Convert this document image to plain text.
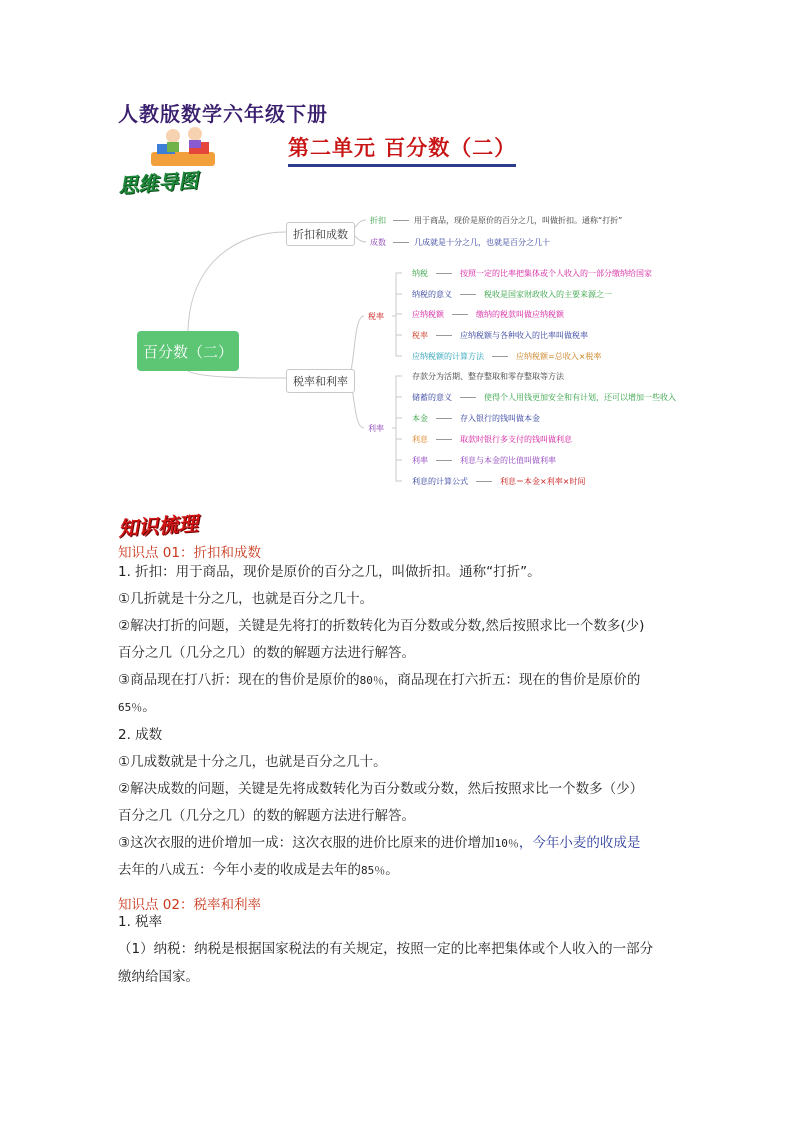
人教版数学六年级下册
第二单元 百分数（二）
思维导图
百分数（二）
折扣和成数
税率和利率
税率
利率
折扣	用于商品，现价是原价的百分之几，叫做折扣。通称“打折”
成数	几成就是十分之几，也就是百分之几十
纳税	按照一定的比率把集体或个人收入的一部分缴纳给国家
纳税的意义	税收是国家财政收入的主要来源之一
应纳税额	缴纳的税款叫做应纳税额
税率	应纳税额与各种收入的比率叫做税率
应纳税额的计算方法	应纳税额=总收入×税率
存款分为活期、整存整取和零存整取等方法
储蓄的意义	使得个人用钱更加安全和有计划，还可以增加一些收入
本金	存入银行的钱叫做本金
利息	取款时银行多支付的钱叫做利息
利率	利息与本金的比值叫做利率
利息的计算公式	利息＝本金×利率×时间
知识梳理
知识点 01：折扣和成数
1. 折扣：用于商品，现价是原价的百分之几，叫做折扣。通称“打折”。
①几折就是十分之几，也就是百分之几十。
②解决打折的问题，关键是先将打的折数转化为百分数或分数,然后按照求比一个数多(少)
百分之几（几分之几）的数的解题方法进行解答。
③商品现在打八折：现在的售价是原价的80％，商品现在打六折五：现在的售价是原价的
65％。
2. 成数
①几成数就是十分之几，也就是百分之几十。
②解决成数的问题，关键是先将成数转化为百分数或分数，然后按照求比一个数多（少）
百分之几（几分之几）的数的解题方法进行解答。
③这次衣服的进价增加一成：这次衣服的进价比原来的进价增加10％，今年小麦的收成是
去年的八成五：今年小麦的收成是去年的85％。
知识点 02：税率和利率
1. 税率
（1）纳税：纳税是根据国家税法的有关规定，按照一定的比率把集体或个人收入的一部分
缴纳给国家。
